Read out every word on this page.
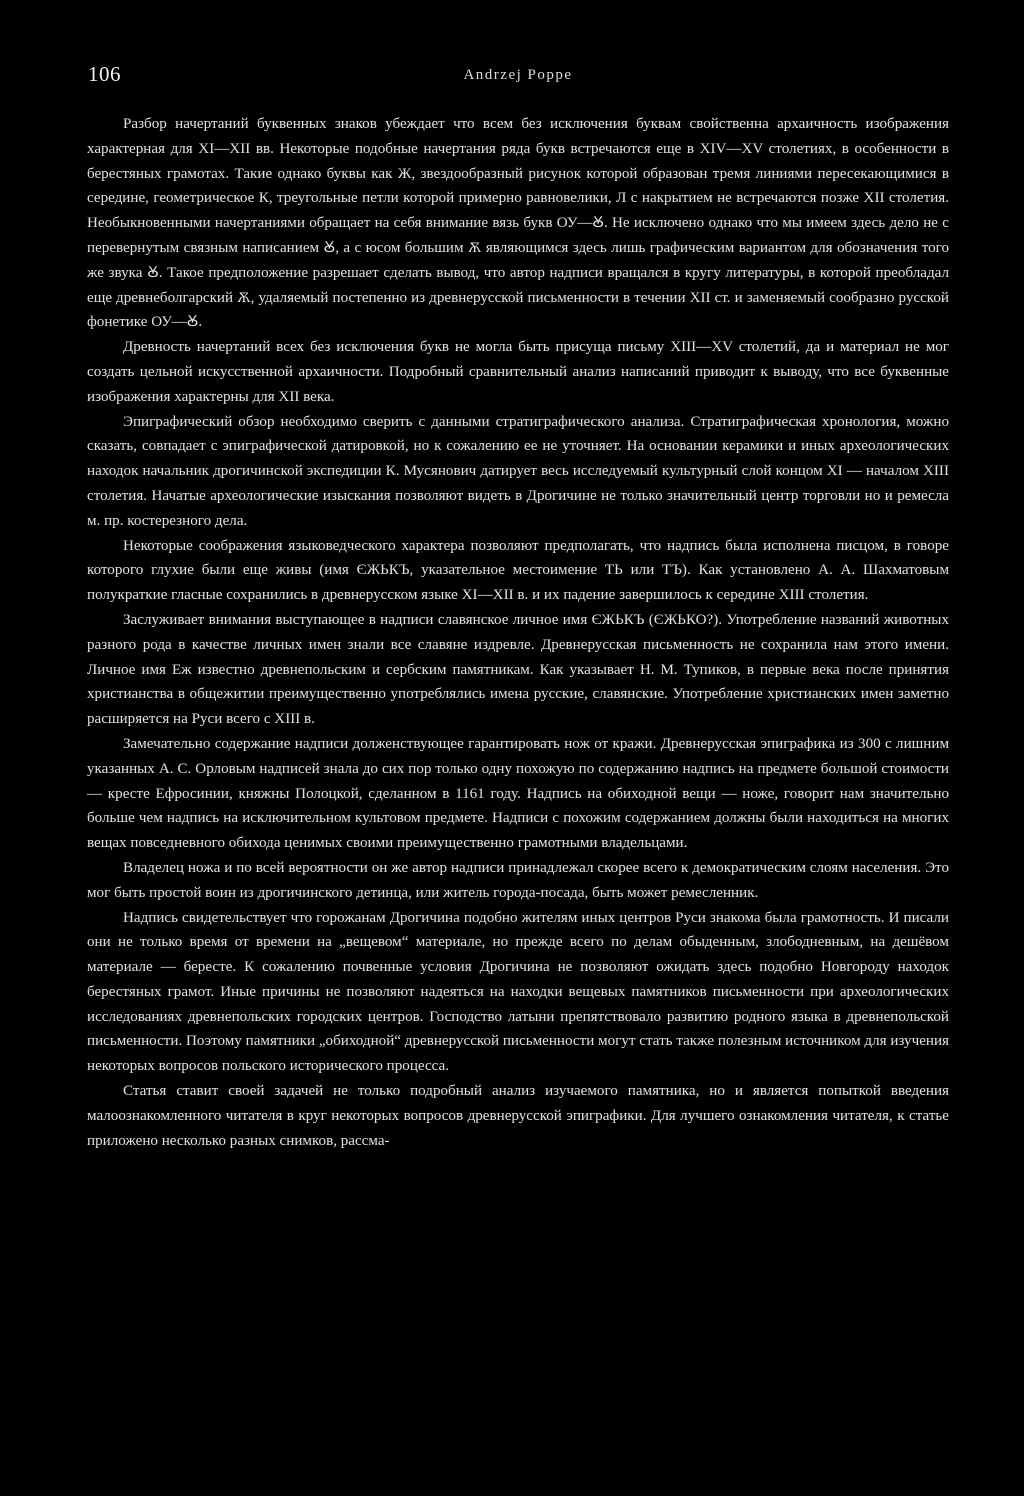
106	Andrzej Poppe

Разбор начертаний буквенных знаков убеждает что всем без исключения буквам свойственна архаичность изображения характерная для XI—XII вв. Некоторые подобные начертания ряда букв встречаются еще в XIV—XV столетиях, в особенности в берестяных грамотах. Такие однако буквы как Ж, звездообразный рисунок которой образован тремя линиями пересекающимися в середине, геометрическое К, треугольные петли которой примерно равновелики, Л с накрытием не встречаются позже XII столетия. Необыкновенными начертаниями обращает на себя внимание вязь букв ОУ—Ꙋ. Не исключено однако что мы имеем здесь дело не с перевернутым связным написанием Ꙋ, а с юсом большим Ѫ являющимся здесь лишь графическим вариантом для обозначения того же звука Ꙋ. Такое предположение разрешает сделать вывод, что автор надписи вращался в кругу литературы, в которой преобладал еще древнеболгарский Ѫ, удаляемый постепенно из древнерусской письменности в течении XII ст. и заменяемый сообразно русской фонетике ОУ—Ꙋ.

Древность начертаний всех без исключения букв не могла быть присуща письму XIII—XV столетий, да и материал не мог создать цельной искусственной архаичности. Подробный сравнительный анализ написаний приводит к выводу, что все буквенные изображения характерны для XII века.

Эпиграфический обзор необходимо сверить с данными стратиграфического анализа. Стратиграфическая хронология, можно сказать, совпадает с эпиграфической датировкой, но к сожалению ее не уточняет. На основании керамики и иных археологических находок начальник дрогичинской экспедиции К. Мусянович датирует весь исследуемый культурный слой концом XI — началом XIII столетия. Начатые археологические изыскания позволяют видеть в Дрогичине не только значительный центр торговли но и ремесла м. пр. костерезного дела.

Некоторые соображения языковедческого характера позволяют предполагать, что надпись была исполнена писцом, в говоре которого глухие были еще живы (имя ЄЖЬКЪ, указательное местоимение ТЬ или ТЪ). Как установлено А. А. Шахматовым полукраткие гласные сохранились в древнерусском языке XI—XII в. и их падение завершилось к середине XIII столетия.

Заслуживает внимания выступающее в надписи славянское личное имя ЄЖЬКЪ (ЄЖЬКО?). Употребление названий животных разного рода в качестве личных имен знали все славяне издревле. Древнерусская письменность не сохранила нам этого имени. Личное имя Еж известно древнепольским и сербским памятникам. Как указывает Н. М. Тупиков, в первые века после принятия христианства в общежитии преимущественно употреблялись имена русские, славянские. Употребление христианских имен заметно расширяется на Руси всего с XIII в.

Замечательно содержание надписи долженствующее гарантировать нож от кражи. Древнерусская эпиграфика из 300 с лишним указанных А. С. Орловым надписей знала до сих пор только одну похожую по содержанию надпись на предмете большой стоимости — кресте Ефросинии, княжны Полоцкой, сделанном в 1161 году. Надпись на обиходной вещи — ноже, говорит нам значительно больше чем надпись на исключительном культовом предмете. Надписи с похожим содержанием должны были находиться на многих вещах повседневного обихода ценимых своими преимущественно грамотными владельцами.

Владелец ножа и по всей вероятности он же автор надписи принадлежал скорее всего к демократическим слоям населения. Это мог быть простой воин из дрогичинского детинца, или житель города-посада, быть может ремесленник.

Надпись свидетельствует что горожанам Дрогичина подобно жителям иных центров Руси знакома была грамотность. И писали они не только время от времени на „вещевом“ материале, но прежде всего по делам обыденным, злободневным, на дешёвом материале — бересте. К сожалению почвенные условия Дрогичина не позволяют ожидать здесь подобно Новгороду находок берестяных грамот. Иные причины не позволяют надеяться на находки вещевых памятников письменности при археологических исследованиях древнепольских городских центров. Господство латыни препятствовало развитию родного языка в древнепольской письменности. Поэтому памятники „обиходной“ древнерусской письменности могут стать также полезным источником для изучения некоторых вопросов польского исторического процесса.

Статья ставит своей задачей не только подробный анализ изучаемого памятника, но и является попыткой введения малоознакомленного читателя в круг некоторых вопросов древнерусской эпиграфики. Для лучшего ознакомления читателя, к статье приложено несколько разных снимков, рассма-
